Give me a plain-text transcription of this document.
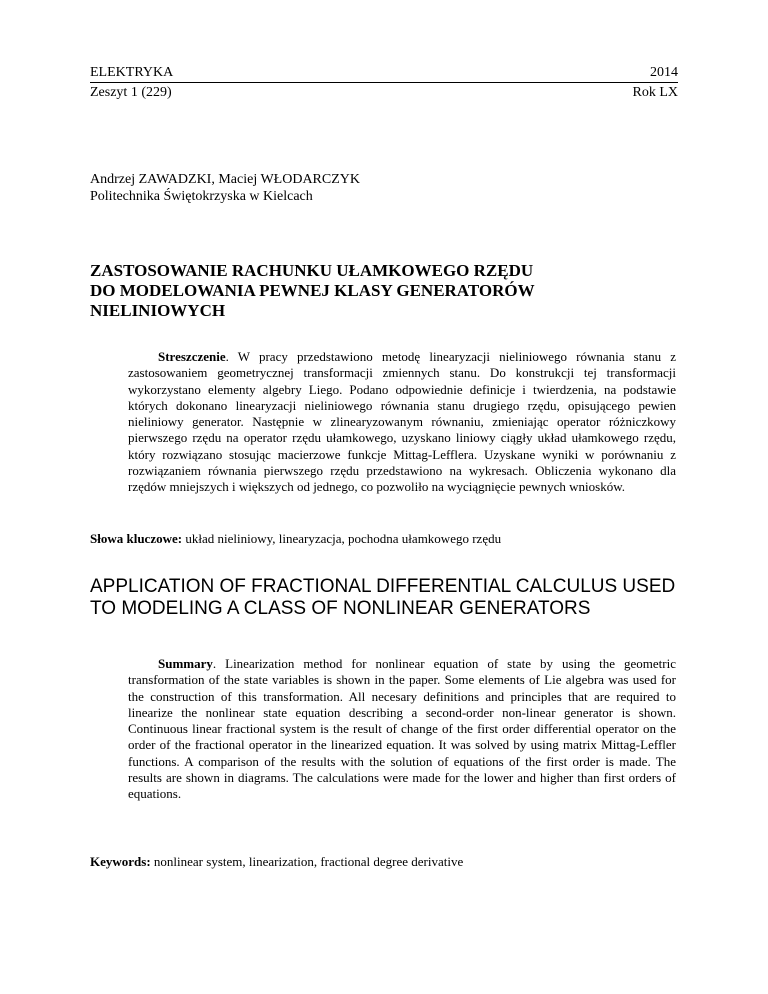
ELEKTRYKA	2014
Zeszyt 1 (229)	Rok LX
Andrzej ZAWADZKI, Maciej WŁODARCZYK
Politechnika Świętokrzyska w Kielcach
ZASTOSOWANIE RACHUNKU UŁAMKOWEGO RZĘDU
DO MODELOWANIA PEWNEJ KLASY GENERATORÓW
NIELINIOWYCH
Streszczenie. W pracy przedstawiono metodę linearyzacji nieliniowego równania stanu z zastosowaniem geometrycznej transformacji zmiennych stanu. Do konstrukcji tej transformacji wykorzystano elementy algebry Liego. Podano odpowiednie definicje i twierdzenia, na podstawie których dokonano linearyzacji nieliniowego równania stanu drugiego rzędu, opisującego pewien nieliniowy generator. Następnie w zlinearyzowanym równaniu, zmieniając operator różniczkowy pierwszego rzędu na operator rzędu ułamkowego, uzyskano liniowy ciągły układ ułamkowego rzędu, który rozwiązano stosując macierzowe funkcje Mittag-Lefflera. Uzyskane wyniki w porównaniu z rozwiązaniem równania pierwszego rzędu przedstawiono na wykresach. Obliczenia wykonano dla rzędów mniejszych i większych od jednego, co pozwoliło na wyciągnięcie pewnych wniosków.
Słowa kluczowe: układ nieliniowy, linearyzacja, pochodna ułamkowego rzędu
APPLICATION OF FRACTIONAL DIFFERENTIAL CALCULUS USED
TO MODELING A CLASS OF NONLINEAR GENERATORS
Summary. Linearization method for nonlinear equation of state by using the geometric transformation of the state variables is shown in the paper. Some elements of Lie algebra was used for the construction of this transformation. All necesary definitions and principles that are required to linearize the nonlinear state equation describing a second-order non-linear generator is shown. Continuous linear fractional system is the result of change of the first order differential operator on the order of the fractional operator in the linearized equation. It was solved by using matrix Mittag-Leffler functions. A comparison of the results with the solution of equations of the first order is made. The results are shown in diagrams. The calculations were made for the lower and higher than first orders of equations.
Keywords: nonlinear system, linearization, fractional degree derivative
